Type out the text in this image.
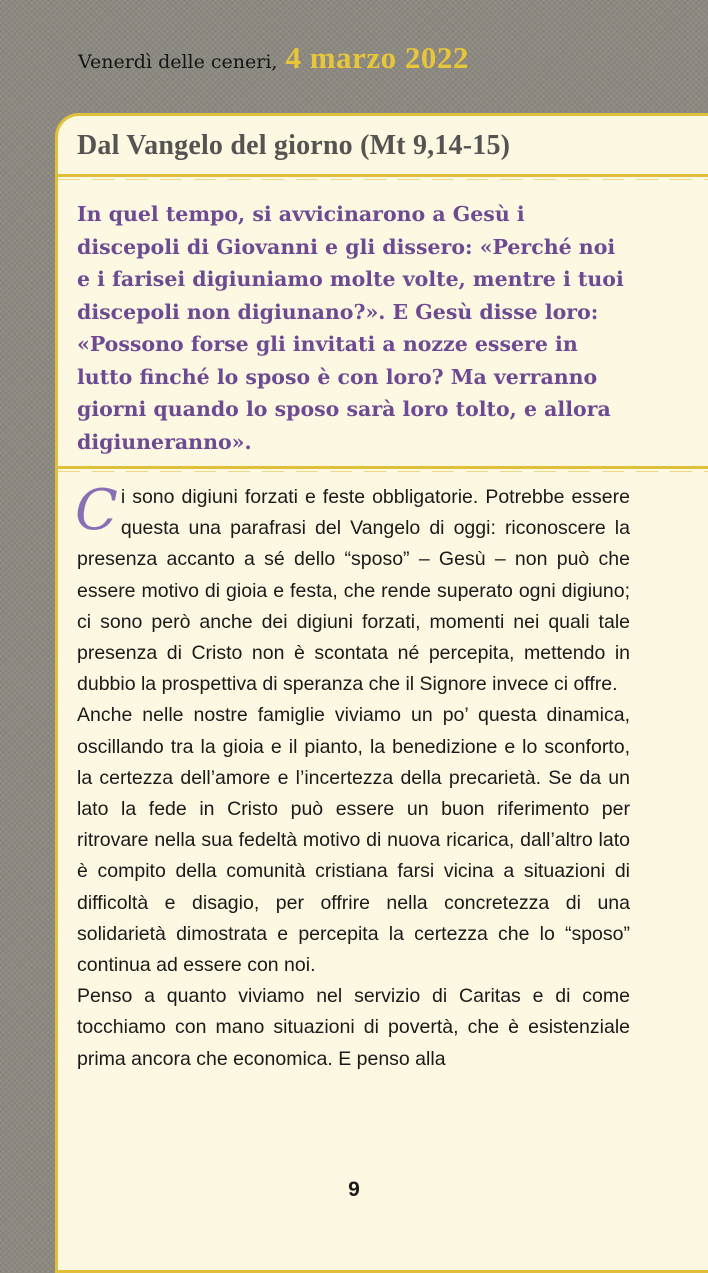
Venerdì delle ceneri, 4 marzo 2022
Dal Vangelo del giorno (Mt 9,14-15)

In quel tempo, si avvicinarono a Gesù i discepoli di Giovanni e gli dissero: «Perché noi e i farisei digiuniamo molte volte, mentre i tuoi discepoli non digiunano?». E Gesù disse loro: «Possono forse gli invitati a nozze essere in lutto finché lo sposo è con loro? Ma verranno giorni quando lo sposo sarà loro tolto, e allora digiuneranno».

Ci sono digiuni forzati e feste obbligatorie. Potrebbe essere questa una parafrasi del Vangelo di oggi: riconoscere la presenza accanto a sé dello “sposo” – Gesù – non può che essere motivo di gioia e festa, che rende superato ogni digiuno; ci sono però anche dei digiuni forzati, momenti nei quali tale presenza di Cristo non è scontata né percepita, mettendo in dubbio la prospettiva di speranza che il Signore invece ci offre.

Anche nelle nostre famiglie viviamo un po’ questa dinamica, oscillando tra la gioia e il pianto, la benedizione e lo sconforto, la certezza dell’amore e l’incertezza della precarietà. Se da un lato la fede in Cristo può essere un buon riferimento per ritrovare nella sua fedeltà motivo di nuova ricarica, dall’altro lato è compito della comunità cristiana farsi vicina a situazioni di difficoltà e disagio, per offrire nella concretezza di una solidarietà dimostrata e percepita la certezza che lo “sposo” continua ad essere con noi.

Penso a quanto viviamo nel servizio di Caritas e di come tocchiamo con mano situazioni di povertà, che è esistenziale prima ancora che economica. E penso alla

9
